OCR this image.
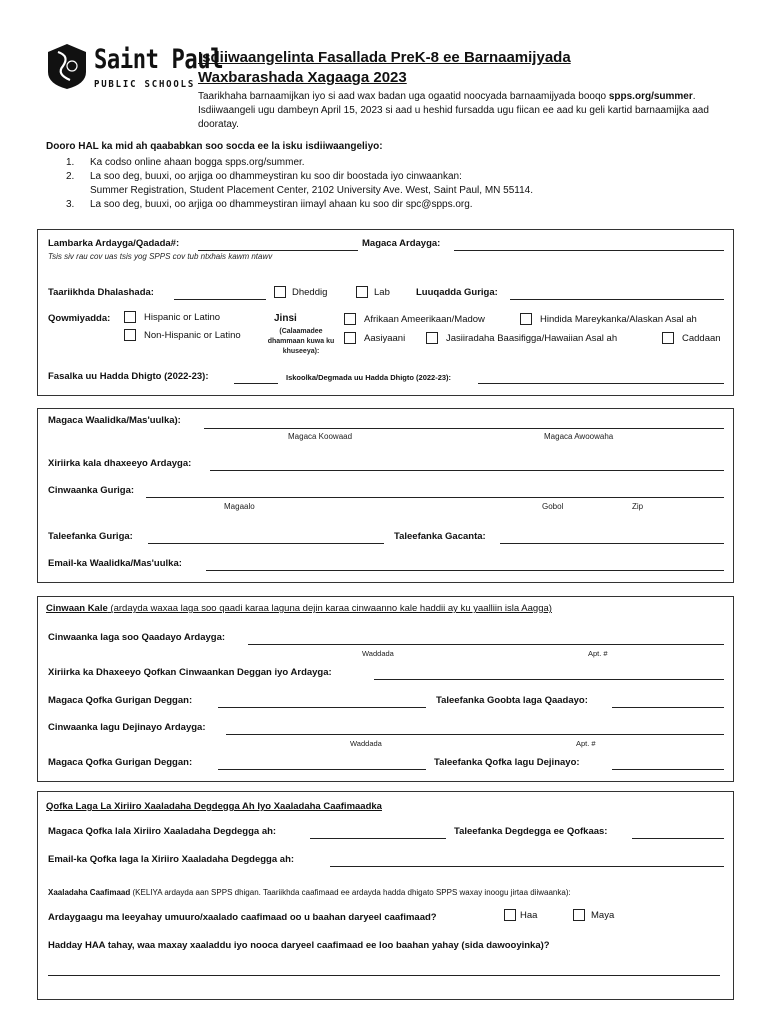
Saint Paul
PUBLIC SCHOOLS
Isdiiwaangelinta Fasallada PreK-8 ee Barnaamijyada Waxbarashada Xagaaga 2023
Taarikhaha barnaamijkan iyo si aad wax badan uga ogaatid noocyada barnaamijyada booqo spps.org/summer. Isdiiwaangeli ugu dambeyn April 15, 2023 si aad u heshid fursadda ugu fiican ee aad ku geli kartid barnaamijka aad dooratay.
Dooro HAL ka mid ah qaababkan soo socda ee la isku isdiiwaangeliyo:
1. Ka codso online ahaan bogga spps.org/summer.
2. La soo deg, buuxi, oo arjiga oo dhammeystiran ku soo dir boostada iyo cinwaankan:
Summer Registration, Student Placement Center, 2102 University Ave. West, Saint Paul, MN 55114.
3. La soo deg, buuxi, oo arjiga oo dhammeystiran iimayl ahaan ku soo dir spc@spps.org.
Lambarka Ardayga/Qadada#:
Tsis siv rau cov uas tsis yog SPPS cov tub ntxhais kawm ntawv
Magaca Ardayga:
Taariikhda Dhalashada:	Dheddig	Lab	Luuqadda Guriga:
Qowmiyadda:	Hispanic or Latino
Non-Hispanic or Latino
Jinsi
(Calaamadee dhammaan kuwa ku khuseeya):
Afrikaan Ameerikaan/Madow	Hindida Mareykanka/Alaskan Asal ah
Aasiyaani	Jasiiradaha Baasifigga/Hawaiian Asal ah	Caddaan
Fasalka uu Hadda Dhigto (2022-23):	Iskoolka/Degmada uu Hadda Dhigto (2022-23):
Magaca Waalidka/Mas'uulka):
Magaca Koowaad	Magaca Awoowaha
Xiriirka kala dhaxeeyo Ardayga:
Cinwaanka Guriga:
Magaalo	Gobol	Zip
Taleefanka Guriga:	Taleefanka Gacanta:
Email-ka Waalidka/Mas'uulka:
Cinwaan Kale (ardayda waxaa laga soo qaadi karaa laguna dejin karaa cinwaanno kale haddii ay ku yaalliin isla Aagga)
Cinwaanka laga soo Qaadayo Ardayga:
Waddada	Apt. #
Xiriirka ka Dhaxeeyo Qofkan Cinwaankan Deggan iyo Ardayga:
Magaca Qofka Gurigan Deggan:	Taleefanka Goobta laga Qaadayo:
Cinwaanka lagu Dejinayo Ardayga:
Waddada	Apt. #
Magaca Qofka Gurigan Deggan:	Taleefanka Qofka lagu Dejinayo:
Qofka Laga La Xiriiro Xaaladaha Degdegga Ah Iyo Xaaladaha Caafimaadka
Magaca Qofka lala Xiriiro Xaaladaha Degdegga ah:	Taleefanka Degdegga ee Qofkaas:
Email-ka Qofka laga la Xiriiro Xaaladaha Degdegga ah:
Xaaladaha Caafimaad (KELIYA ardayda aan SPPS dhigan. Taariikhda caafimaad ee ardayda hadda dhigato SPPS waxay inoogu jirtaa diiwaanka):
Ardaygaagu ma leeyahay umuuro/xaalado caafimaad oo u baahan daryeel caafimaad?	Haa	Maya
Hadday HAA tahay, waa maxay xaaladdu iyo nooca daryeel caafimaad ee loo baahan yahay (sida dawooyinka)?
